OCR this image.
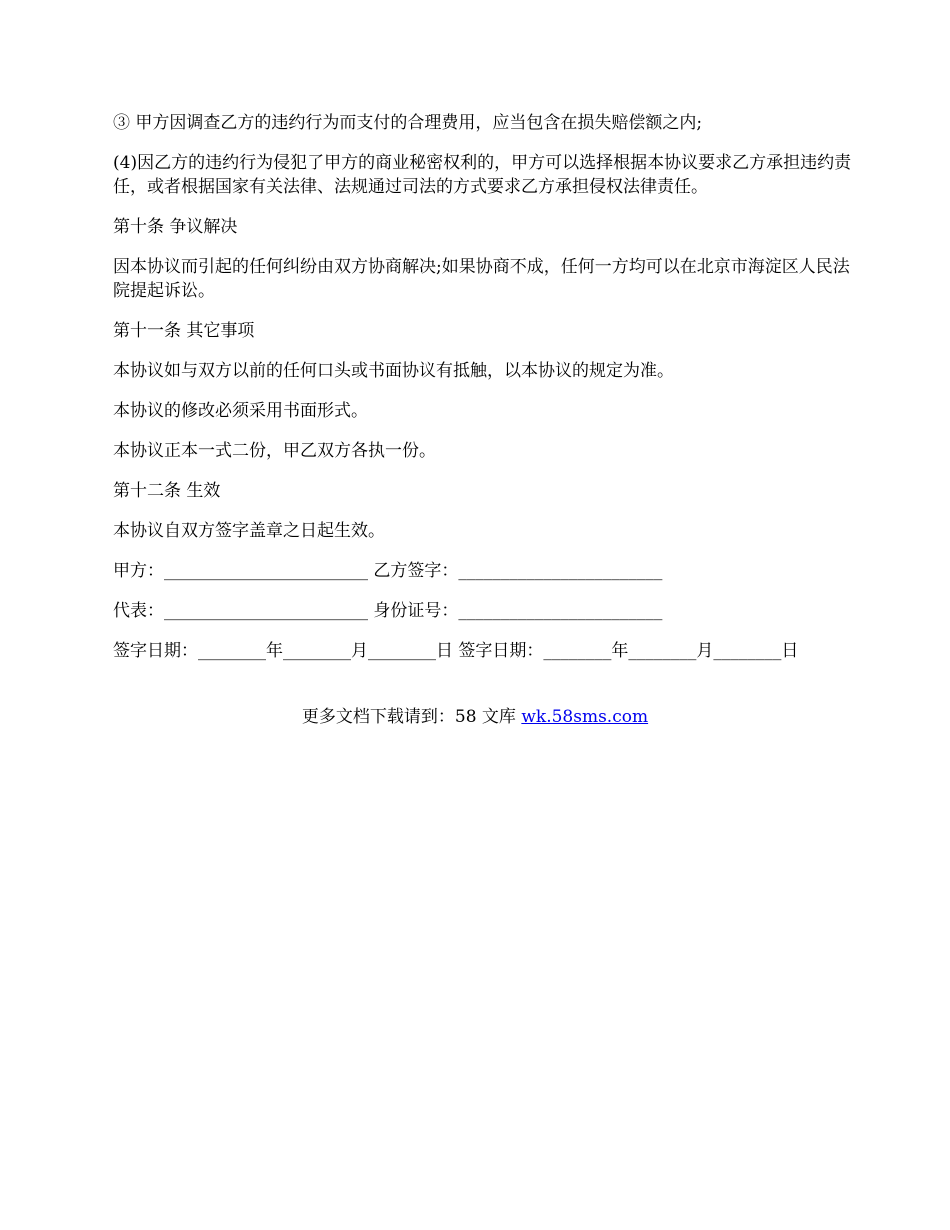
③ 甲方因调查乙方的违约行为而支付的合理费用，应当包含在损失赔偿额之内;

(4)因乙方的违约行为侵犯了甲方的商业秘密权利的，甲方可以选择根据本协议要求乙方承担违约责任，或者根据国家有关法律、法规通过司法的方式要求乙方承担侵权法律责任。

第十条 争议解决

因本协议而引起的任何纠纷由双方协商解决;如果协商不成，任何一方均可以在北京市海淀区人民法院提起诉讼。

第十一条 其它事项

本协议如与双方以前的任何口头或书面协议有抵触，以本协议的规定为准。

本协议的修改必须采用书面形式。

本协议正本一式二份，甲乙双方各执一份。

第十二条 生效

本协议自双方签字盖章之日起生效。

甲方：________________________ 乙方签字：________________________

代表：________________________ 身份证号：________________________

签字日期：________年________月________日 签字日期：________年________月________日

更多文档下载请到：58 文库 wk.58sms.com
